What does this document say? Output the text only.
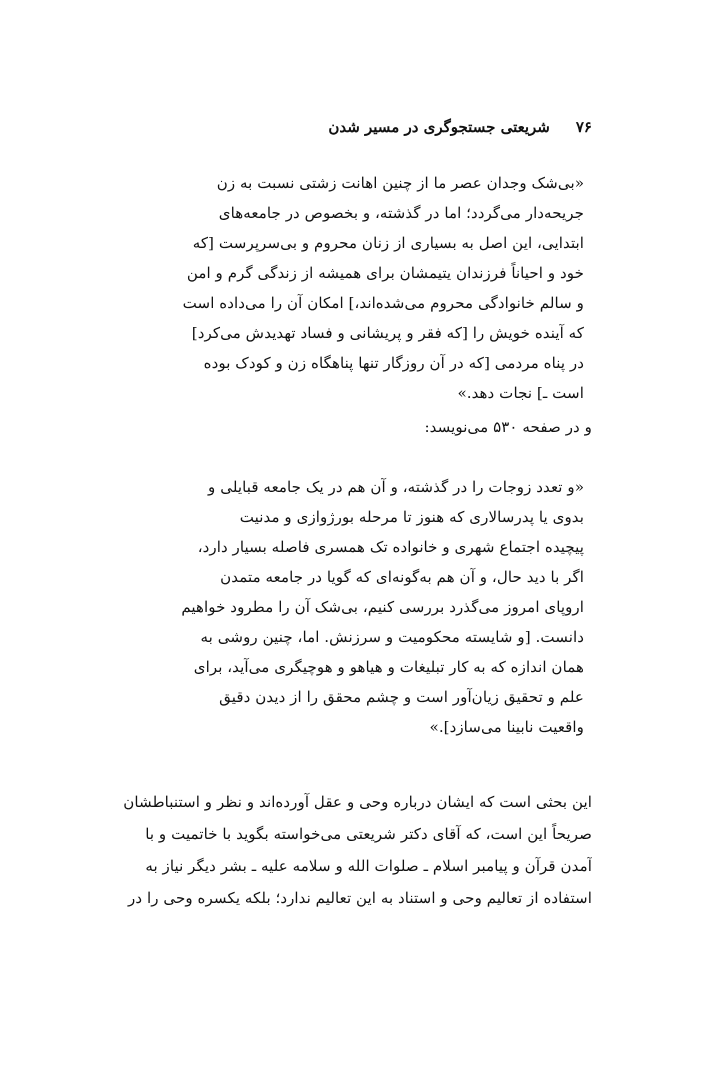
۷۶
شریعتی جستجوگری در مسیر شدن
«بی‌شک وجدان عصر ما از چنین اهانت زشتی نسبت به زن
جریحه‌دار می‌گردد؛ اما در گذشته، و بخصوص در جامعه‌های
ابتدایی، این اصل به بسیاری از زنان محروم و بی‌سرپرست [که
خود و احیاناً فرزندان یتیمشان برای همیشه از زندگی گرم و امن
و سالم خانوادگی محروم می‌شده‌اند،] امکان آن را می‌داده است
که آینده خویش را [که فقر و پریشانی و فساد تهدیدش می‌کرد]
در پناه مردمی [که در آن روزگار تنها پناهگاه زن و کودک بوده
است ـ] نجات دهد.»
و در صفحه ۵۳۰ می‌نویسد:
«و تعدد زوجات را در گذشته، و آن هم در یک جامعه قبایلی و
بدوی یا پدرسالاری که هنوز تا مرحله بورژوازی و مدنیت
پیچیده اجتماع شهری و خانواده تک همسری فاصله بسیار دارد،
اگر با دید حال، و آن هم به‌گونه‌ای که گویا در جامعه متمدن
اروپای امروز می‌گذرد بررسی کنیم، بی‌شک آن را مطرود خواهیم
دانست. [و شایسته محکومیت و سرزنش. اما، چنین روشی به
همان اندازه که به کار تبلیغات و هیاهو و هوچیگری می‌آید، برای
علم و تحقیق زیان‌آور است و چشم محقق را از دیدن دقیق
واقعیت نابینا می‌سازد].»
این بحثی است که ایشان درباره وحی و عقل آورده‌اند و نظر و استنباطشان
صریحاً این است، که آقای دکتر شریعتی می‌خواسته بگوید با خاتمیت و با
آمدن قرآن و پیامبر اسلام ـ صلوات الله و سلامه علیه ـ بشر دیگر نیاز به
استفاده از تعالیم وحی و استناد به این تعالیم ندارد؛ بلکه یکسره وحی را در
